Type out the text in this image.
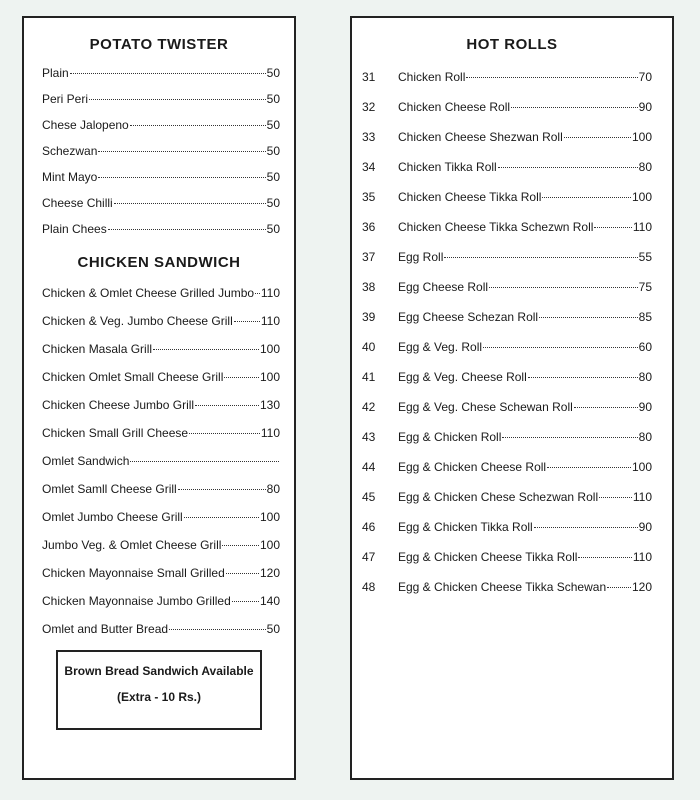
POTATO TWISTER
Plain	50
Peri Peri	50
Chese Jalopeno	50
Schezwan	50
Mint Mayo	50
Cheese Chilli	50
Plain Chees	50
CHICKEN SANDWICH
Chicken & Omlet Cheese Grilled Jumbo 110
Chicken & Veg. Jumbo Cheese Grill 110
Chicken Masala Grill	100
Chicken Omlet Small Cheese Grill	100
Chicken Cheese Jumbo Grill	130
Chicken Small Grill Cheese	110
Omlet Sandwich
Omlet Samll Cheese Grill	80
Omlet Jumbo Cheese Grill	100
Jumbo Veg. & Omlet Cheese Grill	100
Chicken Mayonnaise Small Grilled	120
Chicken Mayonnaise Jumbo Grilled 140
Omlet and Butter Bread	50
Brown Bread Sandwich Available
(Extra - 10 Rs.)
HOT ROLLS
31	Chicken Roll	70
32	Chicken Cheese Roll	90
33	Chicken Cheese Shezwan Roll	100
34	Chicken Tikka Roll	80
35	Chicken Cheese Tikka Roll	100
36	Chicken Cheese Tikka Schezwn Roll	110
37	Egg Roll	55
38	Egg Cheese Roll	75
39	Egg Cheese Schezan Roll	85
40	Egg & Veg. Roll	60
41	Egg & Veg. Cheese Roll	80
42	Egg & Veg. Chese Schewan Roll	90
43	Egg & Chicken Roll	80
44	Egg & Chicken Cheese Roll	100
45	Egg & Chicken Chese Schezwan Roll	110
46	Egg & Chicken Tikka Roll	90
47	Egg & Chicken Cheese Tikka Roll	110
48	Egg & Chicken Cheese Tikka Schewan 120
